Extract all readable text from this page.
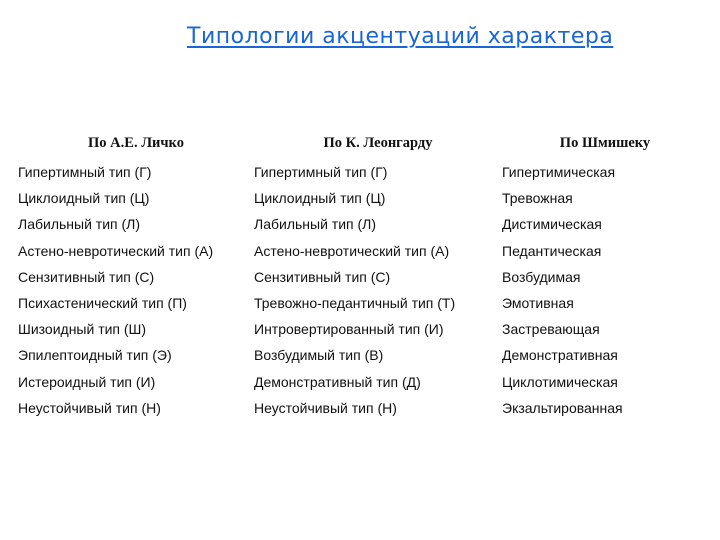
Типологии акцентуаций характера
По А.Е. Личко	По К. Леонгарду	По Шмишеку
Гипертимный тип (Г)	Гипертимный тип (Г)	Гипертимическая
Циклоидный тип (Ц)	Циклоидный тип (Ц)	Тревожная
Лабильный тип (Л)	Лабильный тип (Л)	Дистимическая
Астено-невротический тип (А)	Астено-невротический тип (А)	Педантическая
Сензитивный тип (С)	Сензитивный тип (С)	Возбудимая
Психастенический тип (П)	Тревожно-педантичный тип (Т)	Эмотивная
Шизоидный тип (Ш)	Интровертированный тип (И)	Застревающая
Эпилептоидный тип (Э)	Возбудимый тип (В)	Демонстративная
Истероидный тип (И)	Демонстративный тип (Д)	Циклотимическая
Неустойчивый тип (Н)	Неустойчивый тип (Н)	Экзальтированная
